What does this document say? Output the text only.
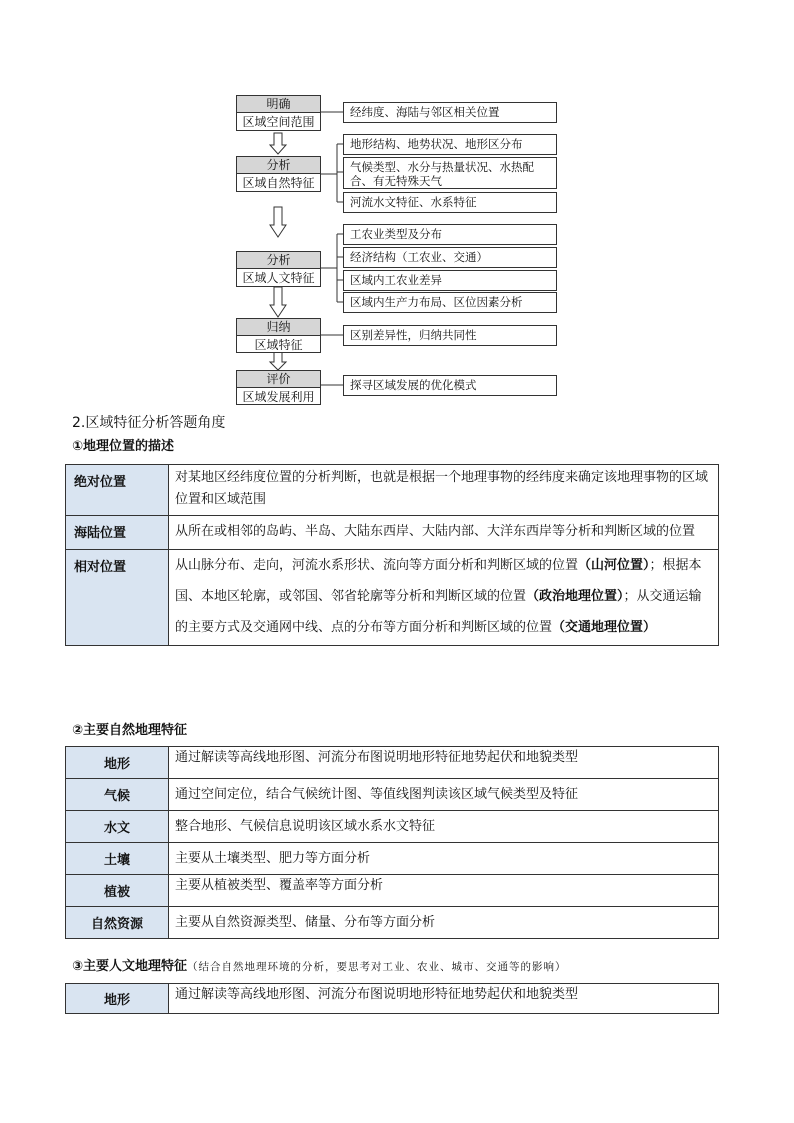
明确
区域空间范围
分析
区域自然特征
分析
区域人文特征
归纳
区域特征
评价
区域发展利用
经纬度、海陆与邻区相关位置
地形结构、地势状况、地形区分布
气候类型、水分与热量状况、水热配合、有无特殊天气
河流水文特征、水系特征
工农业类型及分布
经济结构（工农业、交通）
区域内工农业差异
区域内生产力布局、区位因素分析
区别差异性，归纳共同性
探寻区域发展的优化模式
2.区域特征分析答题角度
①地理位置的描述
绝对位置	对某地区经纬度位置的分析判断，也就是根据一个地理事物的经纬度来确定该地理事物的区域位置和区域范围
海陆位置	从所在或相邻的岛屿、半岛、大陆东西岸、大陆内部、大洋东西岸等分析和判断区域的位置
相对位置	从山脉分布、走向，河流水系形状、流向等方面分析和判断区域的位置（山河位置）；根据本国、本地区轮廓，或邻国、邻省轮廓等分析和判断区域的位置（政治地理位置）；从交通运输的主要方式及交通网中线、点的分布等方面分析和判断区域的位置（交通地理位置）
②主要自然地理特征
地形	通过解读等高线地形图、河流分布图说明地形特征地势起伏和地貌类型
气候	通过空间定位，结合气候统计图、等值线图判读该区域气候类型及特征
水文	整合地形、气候信息说明该区域水系水文特征
土壤	主要从土壤类型、肥力等方面分析
植被	主要从植被类型、覆盖率等方面分析
自然资源	主要从自然资源类型、储量、分布等方面分析
③主要人文地理特征（结合自然地理环境的分析，要思考对工业、农业、城市、交通等的影响）
地形	通过解读等高线地形图、河流分布图说明地形特征地势起伏和地貌类型
